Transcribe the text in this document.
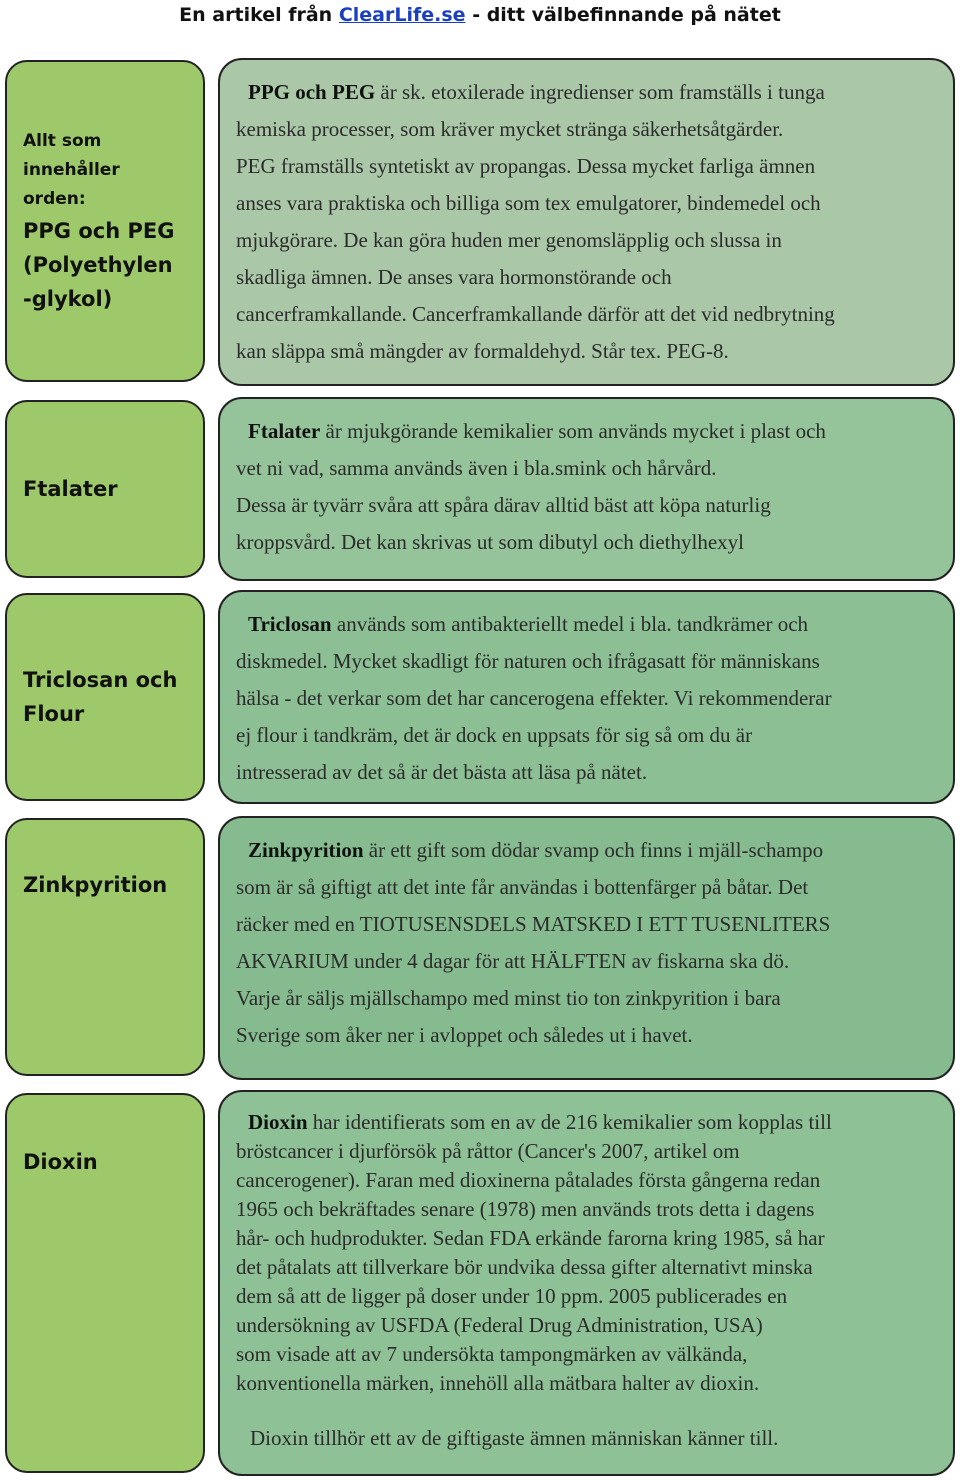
En artikel från ClearLife.se - ditt välbefinnande på nätet
Allt som
innehåller
orden:
PPG och PEG
(Polyethylen
-glykol)

PPG och PEG är sk. etoxilerade ingredienser som framställs i tunga

kemiska processer, som kräver mycket stränga säkerhetsåtgärder.

PEG framställs syntetiskt av propangas. Dessa mycket farliga ämnen

anses vara praktiska och billiga som tex emulgatorer, bindemedel och

mjukgörare. De kan göra huden mer genomsläpplig och slussa in

skadliga ämnen. De anses vara hormonstörande och

cancerframkallande. Cancerframkallande därför att det vid nedbrytning

kan släppa små mängder av formaldehyd. Står tex. PEG-8.

Ftalater

Ftalater är mjukgörande kemikalier som används mycket i plast och

vet ni vad, samma används även i bla.smink och hårvård.

Dessa är tyvärr svåra att spåra därav alltid bäst att köpa naturlig

kroppsvård. Det kan skrivas ut som dibutyl och diethylhexyl

Triclosan och
Flour

Triclosan används som antibakteriellt medel i bla. tandkrämer och

diskmedel. Mycket skadligt för naturen och ifrågasatt för människans

hälsa - det verkar som det har cancerogena effekter. Vi rekommenderar

ej flour i tandkräm, det är dock en uppsats för sig så om du är

intresserad av det så är det bästa att läsa på nätet.

Zinkpyrition

Zinkpyrition är ett gift som dödar svamp och finns i mjäll-schampo

som är så giftigt att det inte får användas i bottenfärger på båtar. Det

räcker med en TIOTUSENSDELS MATSKED I ETT TUSENLITERS

AKVARIUM under 4 dagar för att HÄLFTEN av fiskarna ska dö.

Varje år säljs mjällschampo med minst tio ton zinkpyrition i bara

Sverige som åker ner i avloppet och således ut i havet.

Dioxin

Dioxin har identifierats som en av de 216 kemikalier som kopplas till

bröstcancer i djurförsök på råttor (Cancer's 2007, artikel om

cancerogener). Faran med dioxinerna påtalades första gångerna redan

1965 och bekräftades senare (1978) men används trots detta i dagens

hår- och hudprodukter. Sedan FDA erkände farorna kring 1985, så har

det påtalats att tillverkare bör undvika dessa gifter alternativt minska

dem så att de ligger på doser under 10 ppm. 2005 publicerades en

undersökning av USFDA (Federal Drug Administration, USA)

som visade att av 7 undersökta tampongmärken av välkända,

konventionella märken, innehöll alla mätbara halter av dioxin.

Dioxin tillhör ett av de giftigaste ämnen människan känner till.
